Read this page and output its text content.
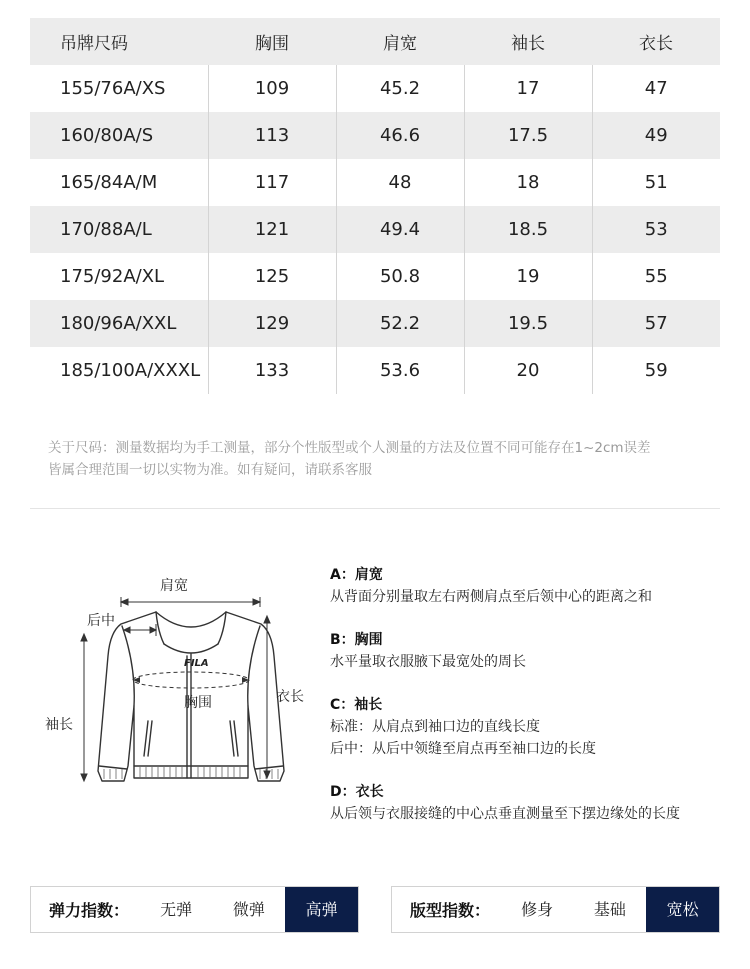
吊牌尺码	胸围	肩宽	袖长	衣长
155/76A/XS	109	45.2	17	47
160/80A/S	113	46.6	17.5	49
165/84A/M	117	48	18	51
170/88A/L	121	49.4	18.5	53
175/92A/XL	125	50.8	19	55
180/96A/XXL	129	52.2	19.5	57
185/100A/XXXL	133	53.6	20	59
关于尺码：测量数据均为手工测量，部分个性版型或个人测量的方法及位置不同可能存在1~2cm误差
皆属合理范围一切以实物为准。如有疑问，请联系客服
肩宽
后中
胸围	衣长
袖长
FILA
A：肩宽
从背面分别量取左右两侧肩点至后领中心的距离之和
B：胸围
水平量取衣服腋下最宽处的周长
C：袖长
标准：从肩点到袖口边的直线长度
后中：从后中领缝至肩点再至袖口边的长度
D：衣长
从后领与衣服接缝的中心点垂直测量至下摆边缘处的长度
弹力指数：	无弹	微弹	高弹	版型指数：	修身	基础	宽松
